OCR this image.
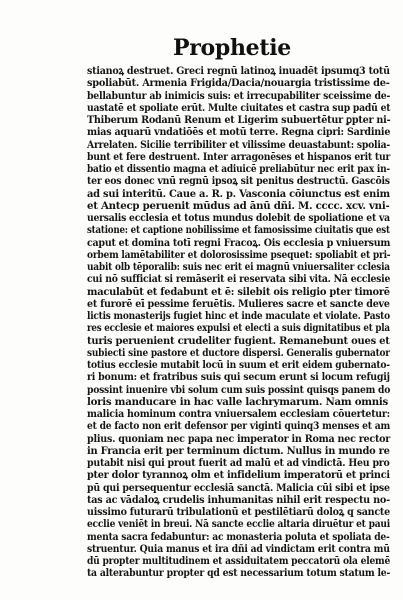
Prophetie
stianoꝝ destruet. Greci regnū latinoꝝ inuadēt ipsumq3 totū
spoliabūt. Armenia Frigida/Dacia/nouargia tristissime de-
bellabuntur ab inimicis suis: et irrecupabiliter sceissime de-
uastatē et spoliate erūt. Multe ciuitates et castra sup padū et
Thiberum Rodanū Renum et Ligerim subuertētur ꝑpter ni-
mias aquarū vndatiōēs et motū terre. Regna cipri: Sardinie
Arrelaten. Sicilie terribiliter et vilissime deuastabunt: spolia-
bunt et fere destruent. Inter arragonēses et hispanos erit tur
batio et dissentio magna et adiuicē preliabūtur nec erit pax in-
ter eos donec vnū regnū ipsoꝝ sit penitus destructū. Gascōis
ad sui interitū. Caue a. R. p. Vasconia cōiunctus est enim
et Antecp peruenit mūdus ad ānū dñi. M. cccc. xcv. vni-
uersalis ecclesia et totus mundus dolebit de spoliatione et va
statione: et captione nobilissime et famosissime ciuitatis que est
caput et domina totī regni Fracoꝝ. Ois ecclesia p vniuersum
orbem lamētabiliter et dolorosissime psequet: spoliabit et pri-
uabit olb tēporalib: suis nec erit ei magnū vniuersaliter cclesia
cui nō sufficiat si remāserit ei reservata sibi vita. Nā ecclesie
maculabūt et fedabunt et ē: silebit ois religio pter timorē
et furorē eī pessime feruētis. Mulieres sacre et sancte deve
lictis monasterijs fugiet hinc et inde maculate et violate. Pasto
res ecclesie et maiores expulsi et electi a suis dignitatibus et pla
turis peruenient crudeliter fugient. Remanebunt oues et
subiecti sine pastore et ductore dispersi. Generalis gubernator
totius ecclesie mutabit locū in suum et erit eidem gubernato-
ri bonum: et fratribus suis qui secum erunt si locum refugij
possint inuenire vbi solum cum suis possint quisqs panem do
loris manducare in hac valle lachrymarum. Nam omnis
malicia hominum contra vniuersalem ecclesiam cōuertetur:
et de facto non erit defensor per viginti quinq3 menses et am
plius. quoniam nec papa nec imperator in Roma nec rector
in Francia erit per terminum dictum. Nullus in mundo re
putabit nisi qui prout fuerit ad malū et ad vindictā. Heu pro
pter dolor tyrannoꝝ olm et infidelium imperatorū et princi
pū qui persequentur ecclesiā sanctā. Malicia cūi sibi et ipse
tas ac vādaloꝝ crudelis inhumanitas nihil erit respectu no-
uissimo futurarū tribulationū et pestilētiarū doloꝝ q sancte
ecclie veniēt in breui. Nā sancte ecclie altaria diruētur et paui
menta sacra fedabuntur: ac monasteria poluta et spoliata de-
struentur. Quia manus et ira dñi ad vindictam erit contra mū
dū propter multitudinem et assiduitatem peccatorū ola elemē
ta alterabuntur propter qd est necessarium totum statum le-
